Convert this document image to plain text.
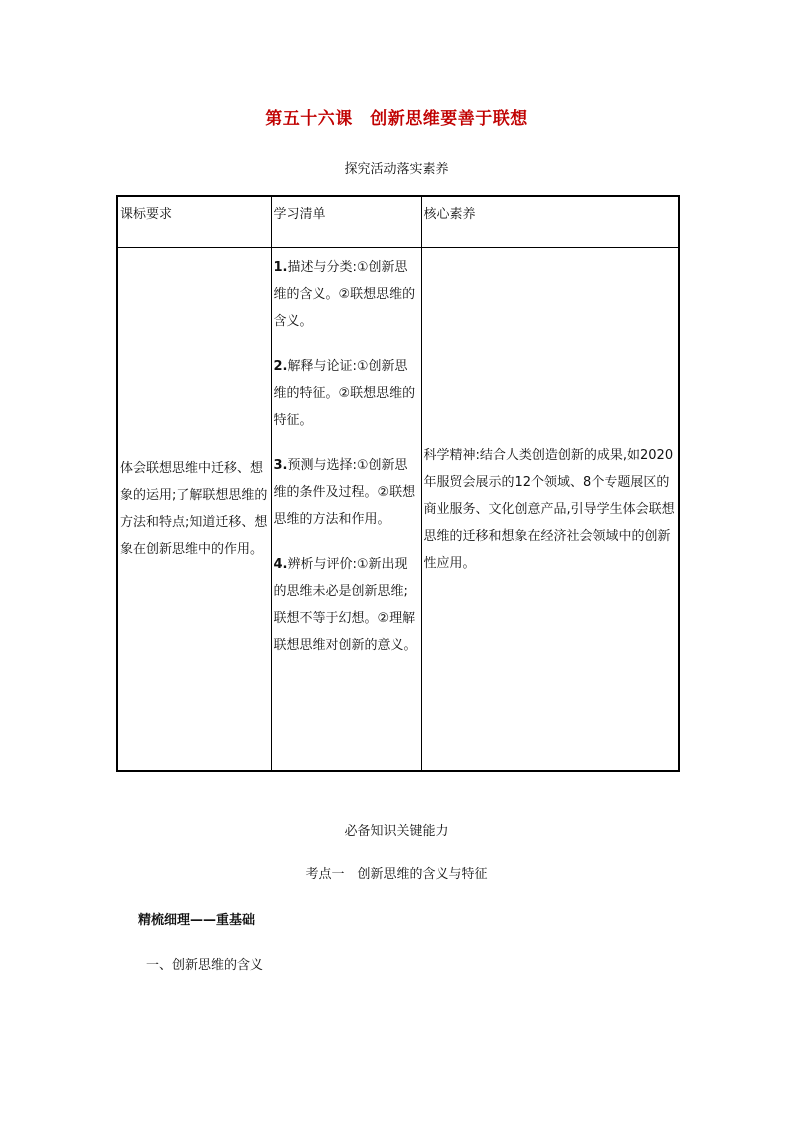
第五十六课　创新思维要善于联想
探究活动落实素养
课标要求	学习清单	核心素养

体会联想思维中迁移、想象的运用;了解联想思维的方法和特点;知道迁移、想象在创新思维中的作用。	1.描述与分类:①创新思维的含义。②联想思维的含义。
2.解释与论证:①创新思维的特征。②联想思维的特征。
3.预测与选择:①创新思维的条件及过程。②联想思维的方法和作用。
4.辨析与评价:①新出现的思维未必是创新思维;联想不等于幻想。②理解联想思维对创新的意义。	科学精神:结合人类创造创新的成果,如2020年服贸会展示的12个领域、8个专题展区的商业服务、文化创意产品,引导学生体会联想思维的迁移和想象在经济社会领域中的创新性应用。
必备知识关键能力
考点一　创新思维的含义与特征
精梳细理——重基础
一、创新思维的含义
